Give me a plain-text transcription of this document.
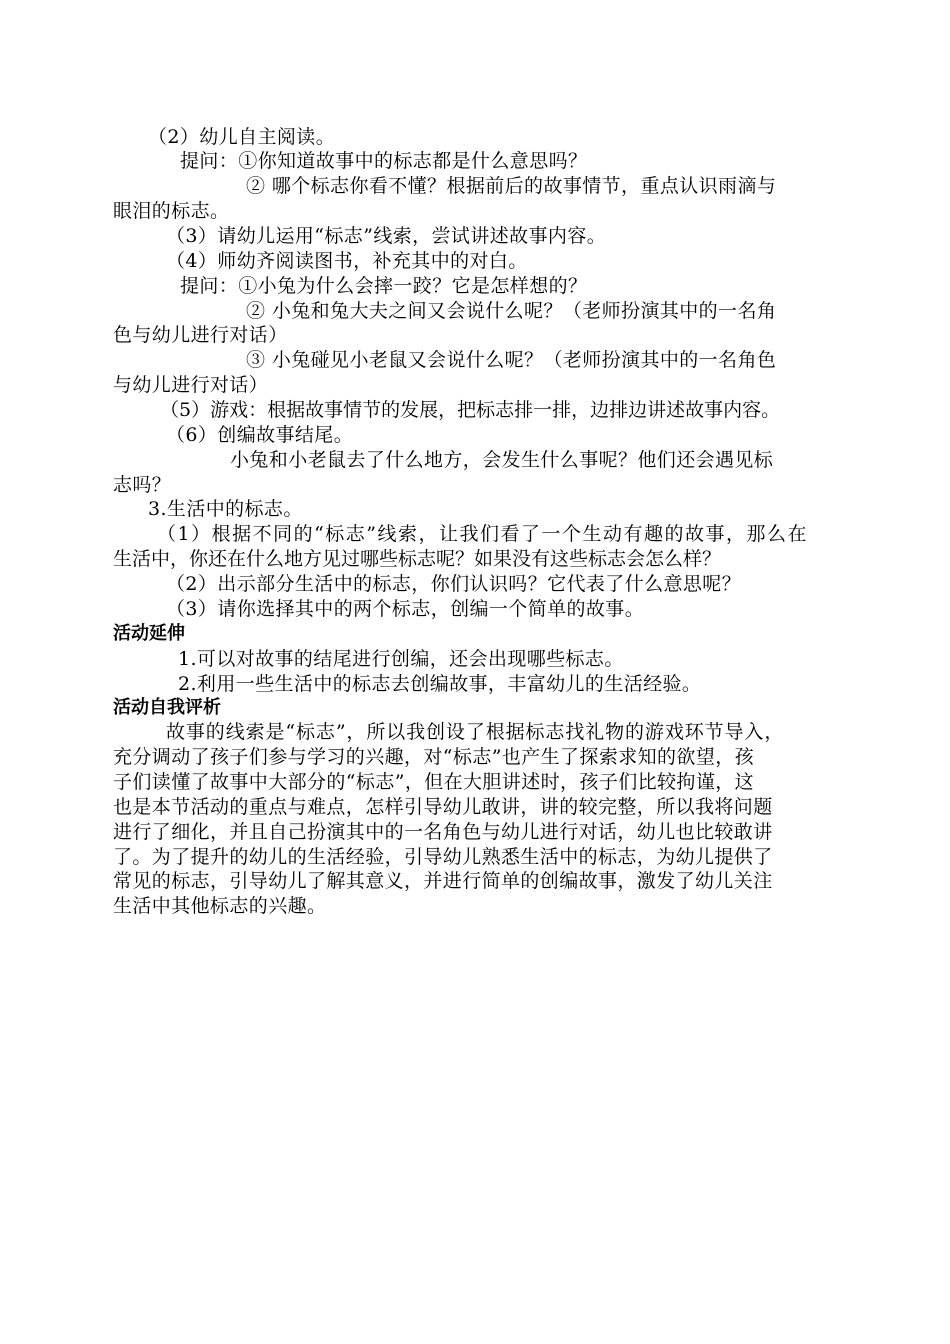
（2）幼儿自主阅读。
提问：①你知道故事中的标志都是什么意思吗？
② 哪个标志你看不懂？根据前后的故事情节，重点认识雨滴与
眼泪的标志。
（3）请幼儿运用“标志”线索，尝试讲述故事内容。
（4）师幼齐阅读图书，补充其中的对白。
提问：①小兔为什么会摔一跤？它是怎样想的？
② 小兔和兔大夫之间又会说什么呢？（老师扮演其中的一名角
色与幼儿进行对话）
③ 小兔碰见小老鼠又会说什么呢？（老师扮演其中的一名角色
与幼儿进行对话）
（5）游戏：根据故事情节的发展，把标志排一排，边排边讲述故事内容。
（6）创编故事结尾。
小兔和小老鼠去了什么地方，会发生什么事呢？他们还会遇见标
志吗？
3.生活中的标志。
（1）根据不同的“标志”线索，让我们看了一个生动有趣的故事，那么在
生活中，你还在什么地方见过哪些标志呢？如果没有这些标志会怎么样？
（2）出示部分生活中的标志，你们认识吗？它代表了什么意思呢？
（3）请你选择其中的两个标志，创编一个简单的故事。
活动延伸
1.可以对故事的结尾进行创编，还会出现哪些标志。
2.利用一些生活中的标志去创编故事，丰富幼儿的生活经验。
活动自我评析
故事的线索是“标志”，所以我创设了根据标志找礼物的游戏环节导入，
充分调动了孩子们参与学习的兴趣，对“标志”也产生了探索求知的欲望，孩
子们读懂了故事中大部分的“标志”，但在大胆讲述时，孩子们比较拘谨，这
也是本节活动的重点与难点，怎样引导幼儿敢讲，讲的较完整，所以我将问题
进行了细化，并且自己扮演其中的一名角色与幼儿进行对话，幼儿也比较敢讲
了。为了提升的幼儿的生活经验，引导幼儿熟悉生活中的标志，为幼儿提供了
常见的标志，引导幼儿了解其意义，并进行简单的创编故事，激发了幼儿关注
生活中其他标志的兴趣。
